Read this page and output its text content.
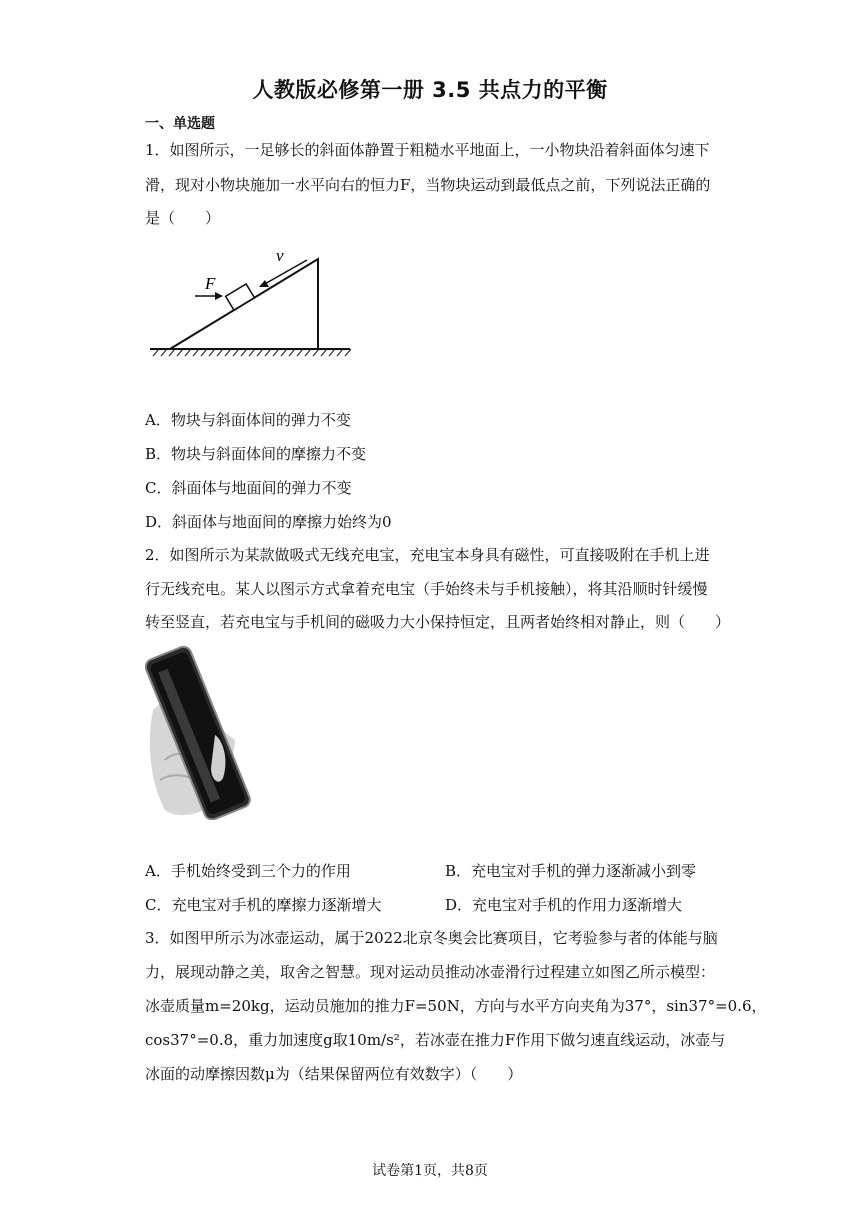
人教版必修第一册 3.5 共点力的平衡
一、单选题
1．如图所示，一足够长的斜面体静置于粗糙水平地面上，一小物块沿着斜面体匀速下
滑，现对小物块施加一水平向右的恒力F，当物块运动到最低点之前，下列说法正确的
是（　　）
F
v
A．物块与斜面体间的弹力不变
B．物块与斜面体间的摩擦力不变
C．斜面体与地面间的弹力不变
D．斜面体与地面间的摩擦力始终为0
2．如图所示为某款做吸式无线充电宝，充电宝本身具有磁性，可直接吸附在手机上进
行无线充电。某人以图示方式拿着充电宝（手始终未与手机接触），将其沿顺时针缓慢
转至竖直，若充电宝与手机间的磁吸力大小保持恒定，且两者始终相对静止，则（　　）
A．手机始终受到三个力的作用	B．充电宝对手机的弹力逐渐减小到零
C．充电宝对手机的摩擦力逐渐增大	D．充电宝对手机的作用力逐渐增大
3．如图甲所示为冰壶运动，属于2022北京冬奥会比赛项目，它考验参与者的体能与脑
力，展现动静之美，取舍之智慧。现对运动员推动冰壶滑行过程建立如图乙所示模型：
冰壶质量m=20kg，运动员施加的推力F=50N，方向与水平方向夹角为37°，sin37°=0.6，
cos37°=0.8，重力加速度g取10m/s²，若冰壶在推力F作用下做匀速直线运动，冰壶与
冰面的动摩擦因数μ为（结果保留两位有效数字）（　　）
试卷第1页，共8页
